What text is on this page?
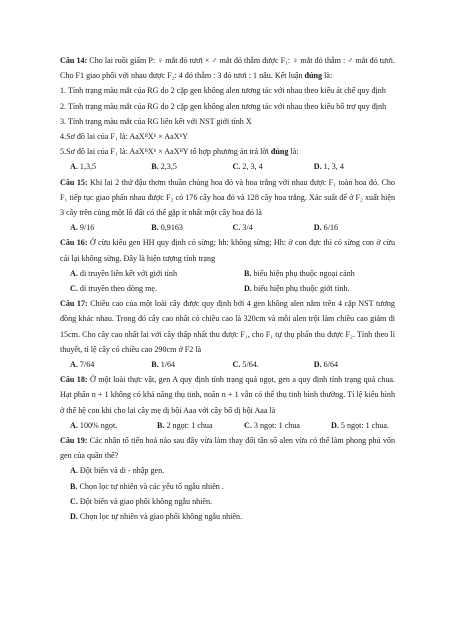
Câu 14: Cho lai ruồi giấm P: ♀ mắt đỏ tươi × ♂ mắt đỏ thẫm được F₁: ♀ mắt đỏ thẫm : ♂ mắt đỏ tươi. Cho F1 giao phối với nhau được F₂: 4 đỏ thẫm : 3 đỏ tươi : 1 nâu. Kết luận đúng là:

1. Tính trạng màu mắt của RG do 2 cặp gen không alen tương tác với nhau theo kiểu át chế quy định

2. Tính trạng màu mắt của RG do 2 cặp gen không alen tương tác với nhau theo kiểu bổ trợ quy định

3. Tính trạng màu mắt của RG liên kết với NST giới tính X

4.Sơ đồ lai của F₁ là: AaXᴮXᵇ × AaXᵇY

5.Sơ đồ lai của F₁ là: AaXᴮXᵇ × AaXᴮY tổ hợp phương án trả lời đúng là:

A. 1,3,5	B. 2,3,5	C. 2, 3, 4	D. 1, 3, 4

Câu 15: Khi lai 2 thứ đậu thơm thuần chủng hoa đỏ và hoa trắng với nhau được F₁ toàn hoa đỏ. Cho F₁ tiếp tục giao phấn nhau được F₂ có 176 cây hoa đỏ và 128 cây hoa trắng. Xác suất để ở F₂ xuất hiện 3 cây trên cùng một lô đất có thể gặp ít nhất một cây hoa đỏ là

A. 9/16	B. 0,9163	C. 3/4	D. 6/16

Câu 16: Ở cừu kiểu gen HH quy định có sừng; hh: không sừng; Hh: ở con đực thì có sừng con ở cừu cái lại không sừng. Đây là hiện tượng tính trạng

A. di truyền liên kết với giới tính	B. biểu hiện phụ thuộc ngoại cảnh
C. di truyền theo dòng mẹ.	D. biểu hiện phụ thuộc giới tính.

Câu 17: Chiều cao của một loài cây được quy định bởi 4 gen không alen nằm trên 4 cặp NST tương đồng khác nhau. Trong đó cây cao nhất có chiều cao là 320cm và mỗi alen trội làm chiều cao giảm đi 15cm. Cho cây cao nhất lai với cây thấp nhất thu được F₁, cho F₁ tự thụ phấn thu được F₂. Tính theo lí thuyết, tỉ lệ cây có chiều cao 290cm ở F2 là

A. 7/64	B. 1/64	C. 5/64.	D. 6/64

Câu 18: Ở một loài thực vật, gen A quy định tính trạng quả ngọt, gen a quy định tính trạng quả chua. Hạt phấn n + 1 không có khả năng thụ tinh, noãn n + 1 vẫn có thể thụ tinh bình thường. Tỉ lệ kiểu hình ở thế hệ con khi cho lai cây mẹ dị bội Aaa với cây bố dị bội Aaa là

A. 100% ngọt.	B. 2 ngọt: 1 chua	C. 3 ngọt: 1 chua	D. 5 ngọt: 1 chua.

Câu 19: Các nhân tố tiến hoá nào sau đây vừa làm thay đổi tần số alen vừa có thể làm phong phú vốn gen của quần thể?

A. Đột biến và di - nhập gen.

B. Chọn lọc tự nhiên và các yếu tố ngẫu nhiên .

C. Đột biến và giao phối không ngẫu nhiên.

D. Chọn lọc tự nhiên và giao phối không ngẫu nhiên.
